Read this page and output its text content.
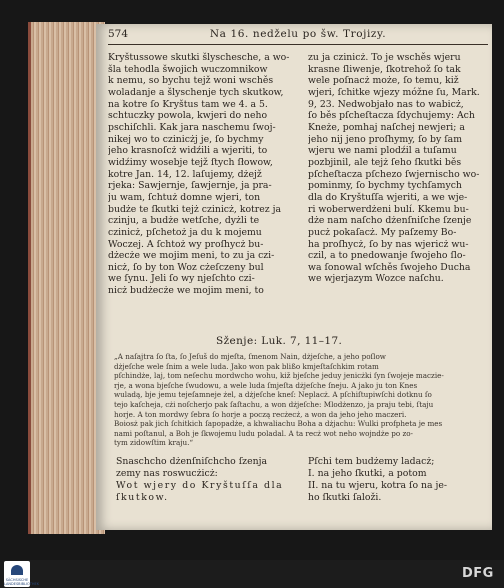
574	Na 16. nedželu po šw. Trojizy.
Kryštussowe skutki šlyschesche, a wo-
šla tehodla šwojich wuczomnikow
k nemu, so bychu tejž woni wschěs
woladanje a šlyschenje tych skutkow,
na kotre ſo Kryštus tam we 4. a 5.
schtuczky powola, kwjeri do neho
pschiſchli. Kak jara naschemu ſwoj-
nikej wo to czinicżj je, ſo bychmy
jeho krasnoſcż widźili a wjeriti, to
widźimy wosebje tejž ſtych ſłowow,
kotre Jan. 14, 12. laſujemy, dżejž
rjeka: Sawjernje, ſawjernje, ja pra-
ju wam, ſchtuż domne wjeri, ton
budże te ſkutki tejż czinicż, kotrez ja
czinju, a budże wetſche, dyżli te
czinicż, pſchetoż ja du k mojemu
Woczej. A ſchtoż wy proſhycż bu-
dżecże we mojim meni, to zu ja czi-
nicż, ſo by ton Woz cżeſczeny bul
we ſynu. Jeli ſo wy njeſchto czi-
nicż budżecże we mojim meni, to
zu ja czinicż. To je wschěs wjeru
krasne ſliwenje, ſkotrehož ſo tak
wele poſnacż może, ſo temu, kiž
wjeri, ſchitke wjezy móžne ſu, Mark.
9, 23. Nedwobjało nas to wabicż,
ſo běs pſcheſtacza ſdychujemy: Ach
Kneże, pomhaj naſchej newjeri; a
jeho nij jeno proſhymy, ſo by ſam
wjeru we nami plodźil a tuſamu
pozbjinil, ale tejż ſeho ſkutki běs
pſcheſtacza pſchezo ſwjernischo wo-
pominmy, ſo bychmy tychſamych
dla do Kryštuſſa wjeriti, a we wje-
ri woberwerdżeni bulí. Kkemu bu-
dże nam naſcho dżenſniſche ſzenje
pucż pokaſacż. My paſzemy Bo-
ha proſhycż, ſo by nas wjericż wu-
czil, a to pnedowanje ſwojeho ſlo-
wa ſonowal wſchěs ſwojeho Ducha
we wjerjazym Wozce naſchu.
Sženje: Luk. 7, 11–17.
„A naſajtra ſo ſta, ſo Jeſuš do mjeſta, ſmenom Nain, dżjeſche, a jeho poſlow
dżjeſche wele ſnim a wele luda. Jako won pak blißo kmjeſtaſchkim rotam
pſchindże, laj, tom neſechu mordwcho wohu, kiž bjeſche jeduy jenicżki ſyn ſwojeje maczie-
rje, a wona bjeſche ſwudowu, a wele luda ſmjeſta dżjeſche ſneju. A jako ju ton Knes
wuladą, bje jemu tejeſamneje żel, a dżjeſche kneſ: Neplacż. A pſchiſtupiwſchi dotknu ſo
tejo kaſcheja, cżi noſcherjo pak ſaſtachu, a won dżjeſche: Mlodżenzo, ja praju tebi, ſtaju
horje. A ton mordwy ſebra ſo horje a począ recżecż, a won da jeho jeho maczeri.
Boiosż pak jich ſchitkich ſapopadże, a khwaliachu Boha a dżjachu: Wulki profpheta je mes
nami poſtanul, a Boh je ſkwojemu ludu poladal. A ta recż wot neho wojndże po zo-
tym zidowſtim kraju.“
Snaschcho dżenſniſchcho ſzenja
zemy nas roswucżicż:
Wot wjery do Kryštuſſa dla
ſkutkow.
Pſchi tem budżemy ladacż;
I. na jeho ſkutki, a potom
II. na tu wjeru, kotra ſo na je-
ho ſkutki ſaloži.
SÄCHSISCHE LANDESBIBLIOTHEK
DFG
